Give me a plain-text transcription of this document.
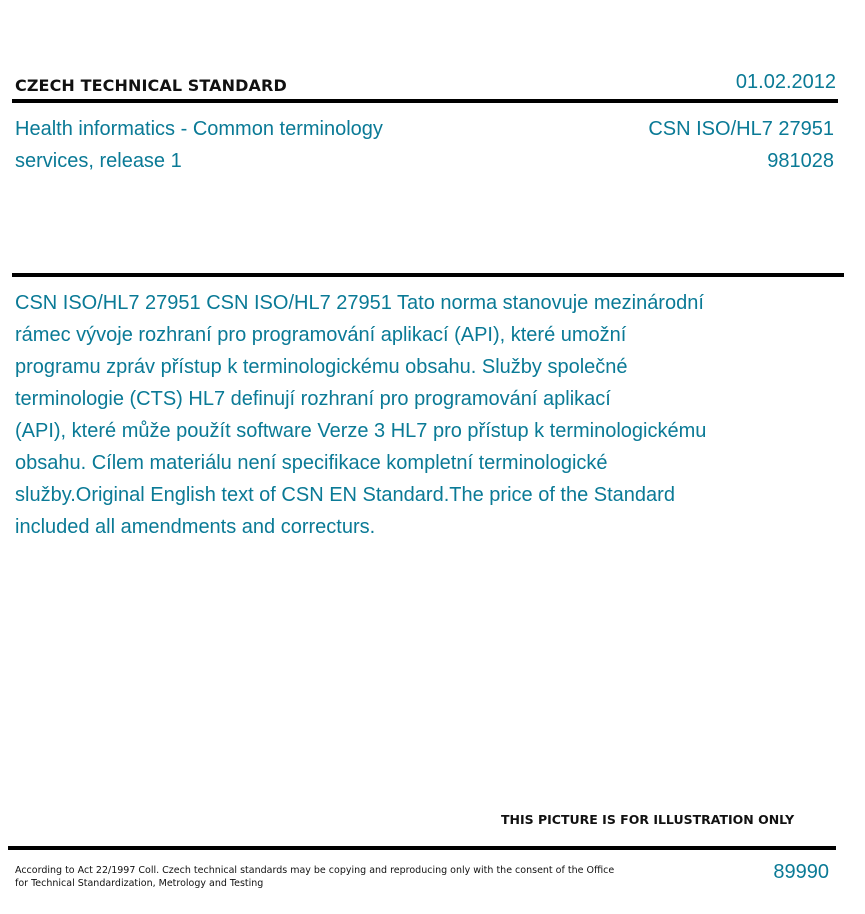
CZECH TECHNICAL STANDARD	01.02.2012
Health informatics - Common terminology
services, release 1
CSN ISO/HL7 27951
981028
CSN ISO/HL7 27951 CSN ISO/HL7 27951 Tato norma stanovuje mezinárodní
rámec vývoje rozhraní pro programování aplikací (API), které umožní
programu zpráv přístup k terminologickému obsahu. Služby společné
terminologie (CTS) HL7 definují rozhraní pro programování aplikací
(API), které může použít software Verze 3 HL7 pro přístup k terminologickému
obsahu. Cílem materiálu není specifikace kompletní terminologické
služby.Original English text of CSN EN Standard.The price of the Standard
included all amendments and correcturs.
THIS PICTURE IS FOR ILLUSTRATION ONLY
According to Act 22/1997 Coll. Czech technical standards may be copying and reproducing only with the consent of the Office
for Technical Standardization, Metrology and Testing
89990
